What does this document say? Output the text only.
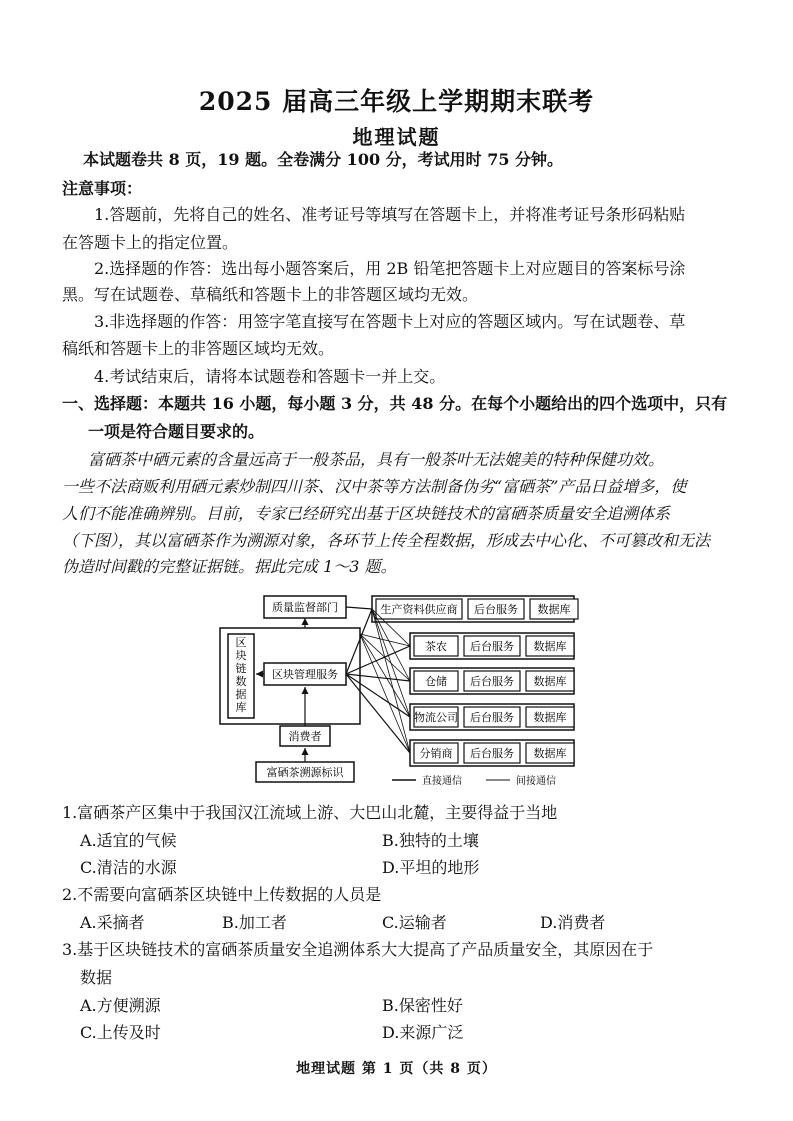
2025 届高三年级上学期期末联考
地理试题
本试题卷共 8 页，19 题。全卷满分 100 分，考试用时 75 分钟。
注意事项：
1.答题前，先将自己的姓名、准考证号等填写在答题卡上，并将准考证号条形码粘贴
在答题卡上的指定位置。
2.选择题的作答：选出每小题答案后，用 2B 铅笔把答题卡上对应题目的答案标号涂
黑。写在试题卷、草稿纸和答题卡上的非答题区域均无效。
3.非选择题的作答：用签字笔直接写在答题卡上对应的答题区域内。写在试题卷、草
稿纸和答题卡上的非答题区域均无效。
4.考试结束后，请将本试题卷和答题卡一并上交。
一、选择题：本题共 16 小题，每小题 3 分，共 48 分。在每个小题给出的四个选项中，只有
一项是符合题目要求的。
富硒茶中硒元素的含量远高于一般茶品，具有一般茶叶无法媲美的特种保健功效。
一些不法商贩利用硒元素炒制四川茶、汉中茶等方法制备伪劣“富硒茶”产品日益增多，使
人们不能准确辨别。目前，专家已经研究出基于区块链技术的富硒茶质量安全追溯体系
（下图），其以富硒茶作为溯源对象，各环节上传全程数据，形成去中心化、不可篡改和无法
伪造时间戳的完整证据链。据此完成 1～3 题。
质量监督部门
区块链数据库
区块管理服务
消费者
富硒茶溯源标识
生产资料供应商 后台服务 数据库
茶农 后台服务 数据库
仓储 后台服务 数据库
物流公司 后台服务 数据库
分销商 后台服务 数据库
直接通信	间接通信
1.富硒茶产区集中于我国汉江流域上游、大巴山北麓，主要得益于当地
A.适宜的气候	B.独特的土壤
C.清洁的水源	D.平坦的地形
2.不需要向富硒茶区块链中上传数据的人员是
A.采摘者	B.加工者	C.运输者	D.消费者
3.基于区块链技术的富硒茶质量安全追溯体系大大提高了产品质量安全，其原因在于
数据
A.方便溯源	B.保密性好
C.上传及时	D.来源广泛
地理试题 第 1 页（共 8 页）
